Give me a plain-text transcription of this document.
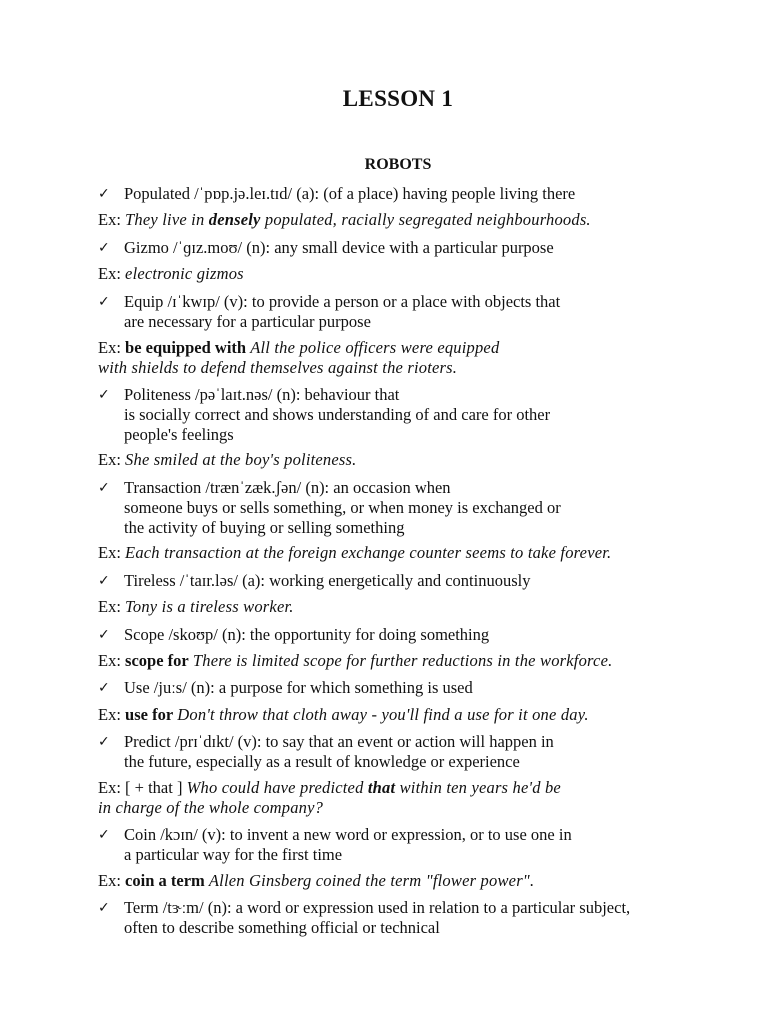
LESSON 1
ROBOTS
✓ Populated /ˈpɒp.jə.leɪ.tɪd/ (a): (of a place) having people living there
Ex: They live in densely populated, racially segregated neighbourhoods.
✓ Gizmo /ˈɡɪz.moʊ/ (n): any small device with a particular purpose
Ex: electronic gizmos
✓ Equip /ɪˈkwɪp/ (v): to provide a person or a place with objects that
are necessary for a particular purpose
Ex: be equipped with All the police officers were equipped
with shields to defend themselves against the rioters.
✓ Politeness /pəˈlaɪt.nəs/ (n): behaviour that
is socially correct and shows understanding of and care for other
people's feelings
Ex: She smiled at the boy's politeness.
✓ Transaction /trænˈzæk.ʃən/ (n): an occasion when
someone buys or sells something, or when money is exchanged or
the activity of buying or selling something
Ex: Each transaction at the foreign exchange counter seems to take forever.
✓ Tireless /ˈtaɪr.ləs/ (a): working energetically and continuously
Ex: Tony is a tireless worker.
✓ Scope /skoʊp/ (n): the opportunity for doing something
Ex: scope for There is limited scope for further reductions in the workforce.
✓ Use /juːs/ (n): a purpose for which something is used
Ex: use for Don't throw that cloth away - you'll find a use for it one day.
✓ Predict /prɪˈdɪkt/ (v): to say that an event or action will happen in
the future, especially as a result of knowledge or experience
Ex: [ + that ] Who could have predicted that within ten years he'd be
in charge of the whole company?
✓ Coin /kɔɪn/ (v): to invent a new word or expression, or to use one in
a particular way for the first time
Ex: coin a term Allen Ginsberg coined the term "flower power".
✓ Term /tɝːm/ (n): a word or expression used in relation to a particular subject,
often to describe something official or technical
